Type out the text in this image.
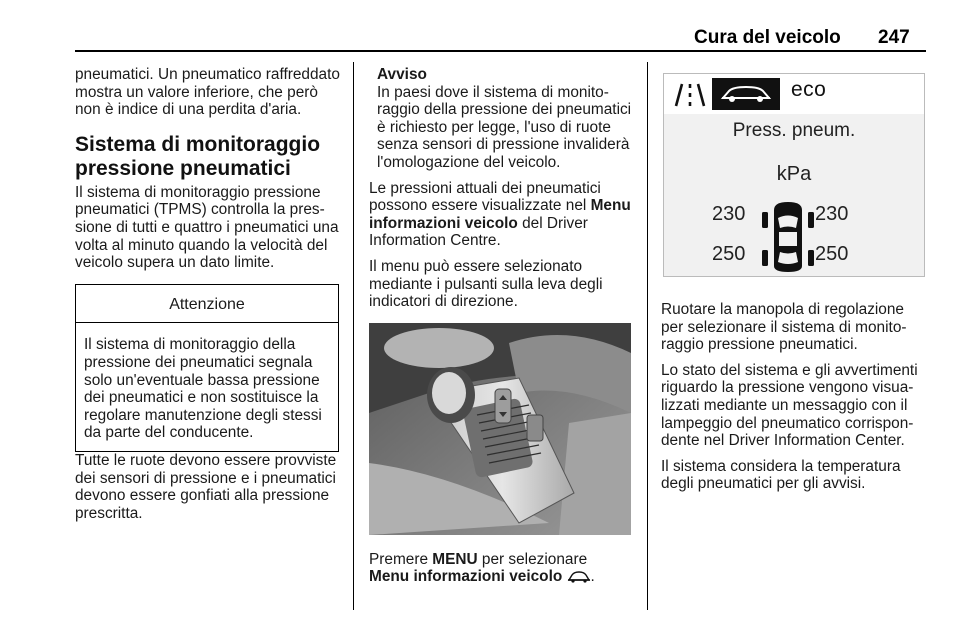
Cura del veicolo 247

pneumatici. Un pneumatico raffreddato mostra un valore inferiore, che però non è indice di una perdita d'aria.

Sistema di monitoraggio pressione pneumatici

Il sistema di monitoraggio pressione pneumatici (TPMS) controlla la pressione di tutti e quattro i pneumatici una volta al minuto quando la velocità del veicolo supera un dato limite.

Attenzione
Il sistema di monitoraggio della pressione dei pneumatici segnala solo un'eventuale bassa pressione dei pneumatici e non sostituisce la regolare manutenzione degli stessi da parte del conducente.

Tutte le ruote devono essere provviste dei sensori di pressione e i pneumatici devono essere gonfiati alla pressione prescritta.

Avviso

In paesi dove il sistema di monitoraggio della pressione dei pneumatici è richiesto per legge, l'uso di ruote senza sensori di pressione invaliderà l'omologazione del veicolo.

Le pressioni attuali dei pneumatici possono essere visualizzate nel Menu informazioni veicolo del Driver Information Centre.

Il menu può essere selezionato mediante i pulsanti sulla leva degli indicatori di direzione.

Premere MENU per selezionare
Menu informazioni veicolo .

eco
Press. pneum.
kPa
230	230
250	250

Ruotare la manopola di regolazione per selezionare il sistema di monitoraggio pressione pneumatici.

Lo stato del sistema e gli avvertimenti riguardo la pressione vengono visualizzati mediante un messaggio con il lampeggio del pneumatico corrispondente nel Driver Information Center.

Il sistema considera la temperatura degli pneumatici per gli avvisi.
